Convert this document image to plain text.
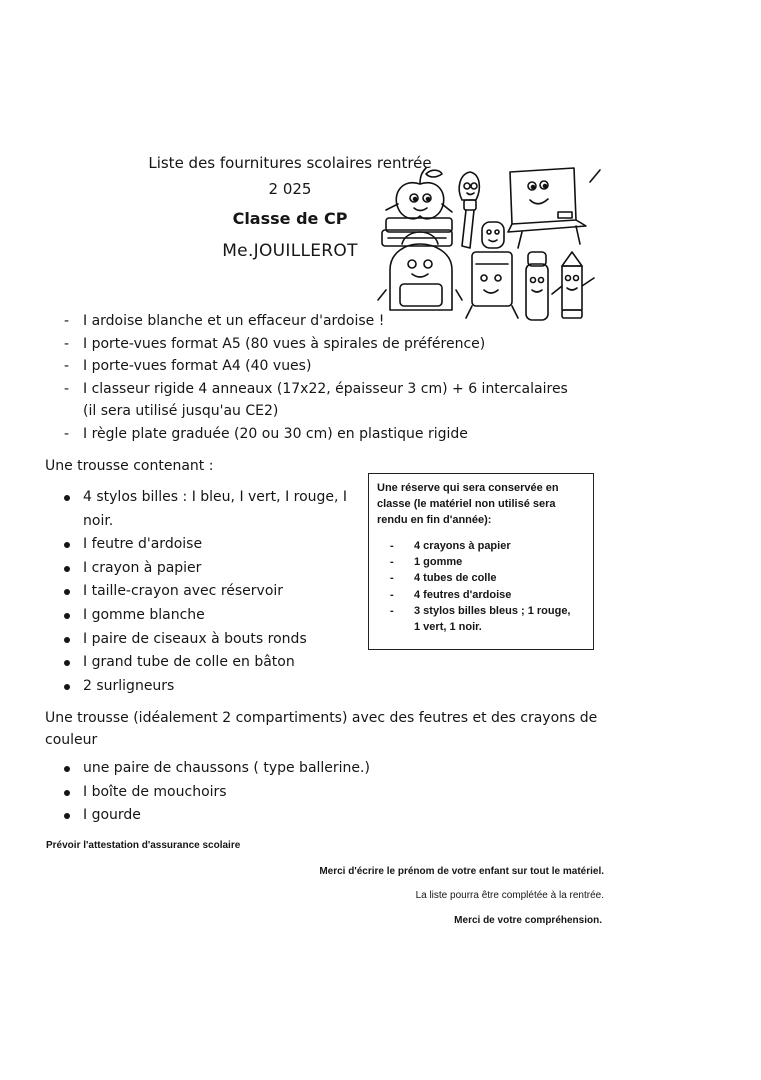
Liste des fournitures scolaires rentrée
2 025
Classe de CP
Me.JOUILLEROT
- I ardoise blanche et un effaceur d'ardoise !
- I porte-vues format A5 (80 vues à spirales de préférence)
- I porte-vues format A4 (40 vues)
- I classeur rigide 4 anneaux (17x22, épaisseur 3 cm) + 6 intercalaires
(il sera utilisé jusqu'au CE2)
- I règle plate graduée (20 ou 30 cm) en plastique rigide
Une trousse contenant :
4 stylos billes : I bleu, I vert, I rouge, I
noir.
I feutre d'ardoise
I crayon à papier
I taille-crayon avec réservoir
I gomme blanche
I paire de ciseaux à bouts ronds
I grand tube de colle en bâton
2 surligneurs
Une réserve qui sera conservée en classe (le matériel non utilisé sera rendu en fin d'année):
- 4 crayons à papier
- 1 gomme
- 4 tubes de colle
- 4 feutres d'ardoise
- 3 stylos billes bleus ; 1 rouge,
1 vert, 1 noir.
Une trousse (idéalement 2 compartiments) avec des feutres et des crayons de
couleur
une paire de chaussons ( type ballerine.)
I boîte de mouchoirs
I gourde
Prévoir l'attestation d'assurance scolaire
Merci d'écrire le prénom de votre enfant sur tout le matériel.
La liste pourra être complétée à la rentrée.
Merci de votre compréhension.
